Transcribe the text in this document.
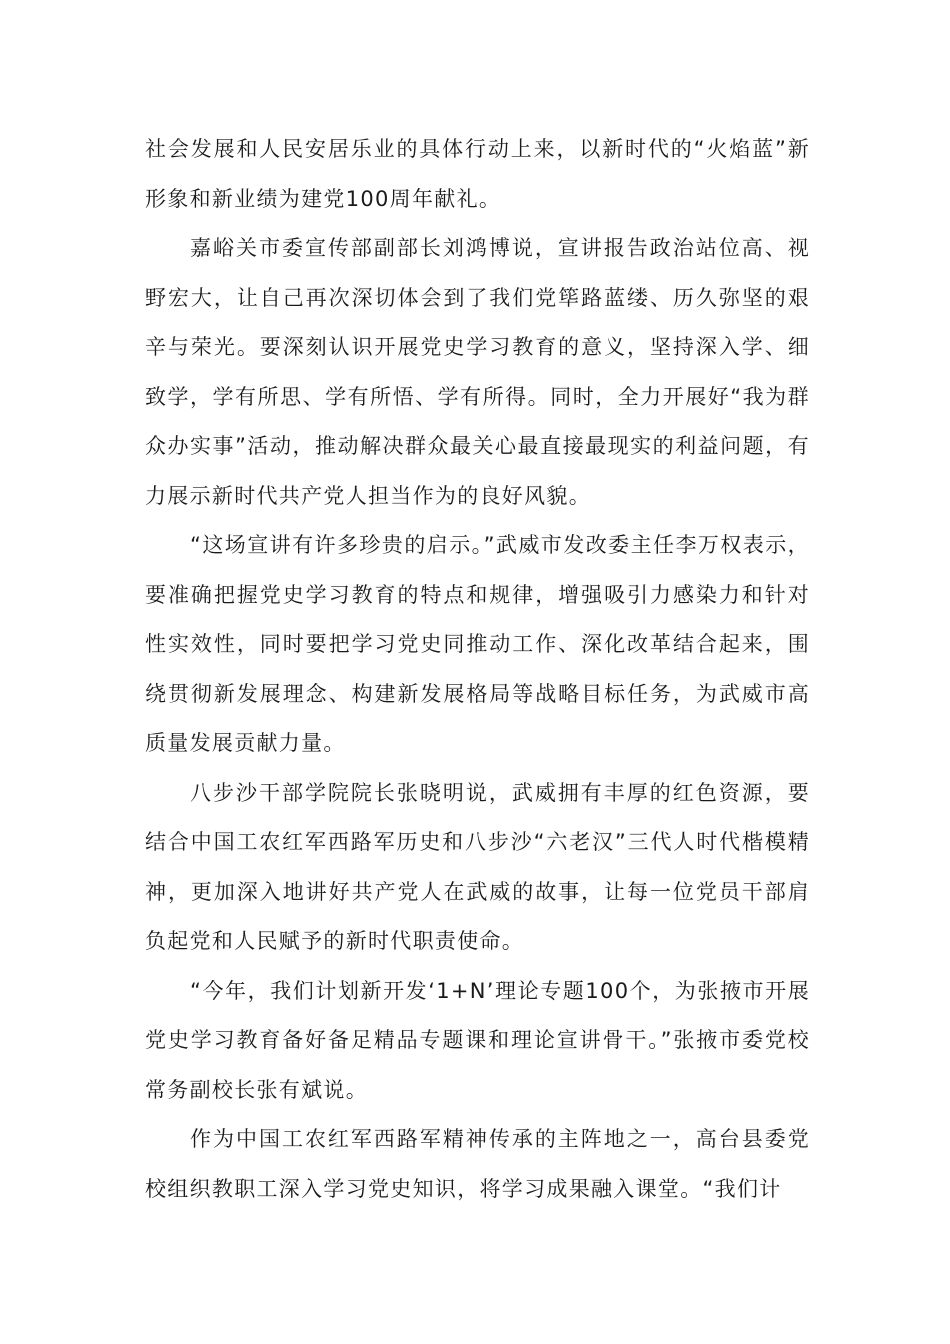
社会发展和人民安居乐业的具体行动上来，以新时代的“火焰蓝”新形象和新业绩为建党100周年献礼。

嘉峪关市委宣传部副部长刘鸿博说，宣讲报告政治站位高、视野宏大，让自己再次深切体会到了我们党筚路蓝缕、历久弥坚的艰辛与荣光。要深刻认识开展党史学习教育的意义，坚持深入学、细致学，学有所思、学有所悟、学有所得。同时，全力开展好“我为群众办实事”活动，推动解决群众最关心最直接最现实的利益问题，有力展示新时代共产党人担当作为的良好风貌。

“这场宣讲有许多珍贵的启示。”武威市发改委主任李万权表示，要准确把握党史学习教育的特点和规律，增强吸引力感染力和针对性实效性，同时要把学习党史同推动工作、深化改革结合起来，围绕贯彻新发展理念、构建新发展格局等战略目标任务，为武威市高质量发展贡献力量。

八步沙干部学院院长张晓明说，武威拥有丰厚的红色资源，要结合中国工农红军西路军历史和八步沙“六老汉”三代人时代楷模精神，更加深入地讲好共产党人在武威的故事，让每一位党员干部肩负起党和人民赋予的新时代职责使命。

“今年，我们计划新开发‘1+N’理论专题100个，为张掖市开展党史学习教育备好备足精品专题课和理论宣讲骨干。”张掖市委党校常务副校长张有斌说。

作为中国工农红军西路军精神传承的主阵地之一，高台县委党校组织教职工深入学习党史知识，将学习成果融入课堂。“我们计
